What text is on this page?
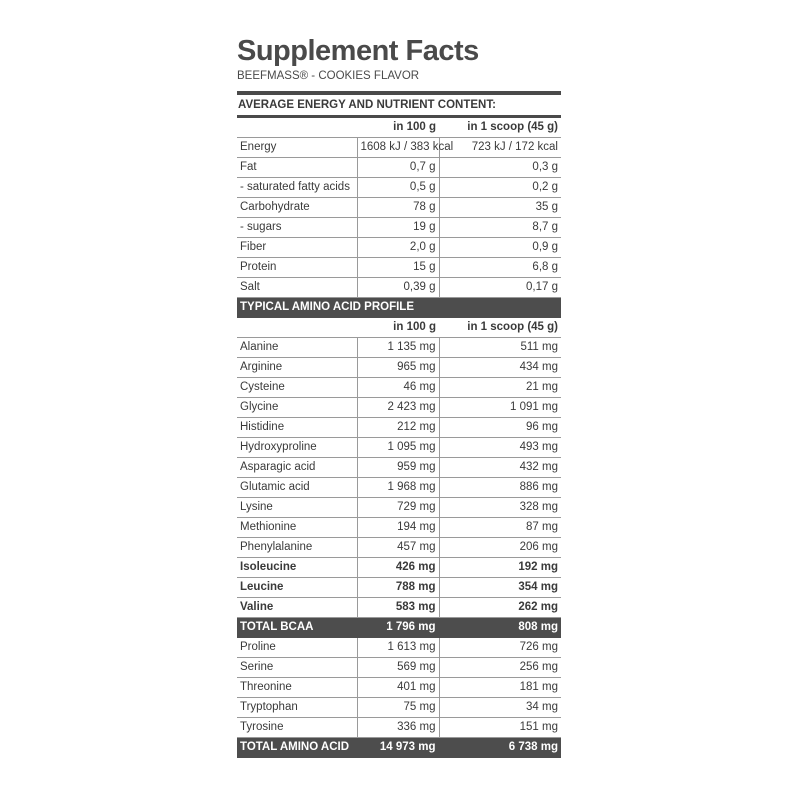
Supplement Facts
BEEFMASS® - COOKIES FLAVOR
AVERAGE ENERGY AND NUTRIENT CONTENT:
	in 100 g	in 1 scoop (45 g)
Energy	1608 kJ / 383 kcal	723 kJ / 172 kcal
Fat	0,7 g	0,3 g
- saturated fatty acids	0,5 g	0,2 g
Carbohydrate	78 g	35 g
- sugars	19 g	8,7 g
Fiber	2,0 g	0,9 g
Protein	15 g	6,8 g
Salt	0,39 g	0,17 g
TYPICAL AMINO ACID PROFILE		
	in 100 g	in 1 scoop (45 g)
Alanine	1 135 mg	511 mg
Arginine	965 mg	434 mg
Cysteine	46 mg	21 mg
Glycine	2 423 mg	1 091 mg
Histidine	212 mg	96 mg
Hydroxyproline	1 095 mg	493 mg
Asparagic acid	959 mg	432 mg
Glutamic acid	1 968 mg	886 mg
Lysine	729 mg	328 mg
Methionine	194 mg	87 mg
Phenylalanine	457 mg	206 mg
Isoleucine	426 mg	192 mg
Leucine	788 mg	354 mg
Valine	583 mg	262 mg
TOTAL BCAA	1 796 mg	808 mg
Proline	1 613 mg	726 mg
Serine	569 mg	256 mg
Threonine	401 mg	181 mg
Tryptophan	75 mg	34 mg
Tyrosine	336 mg	151 mg
TOTAL AMINO ACID	14 973 mg	6 738 mg
